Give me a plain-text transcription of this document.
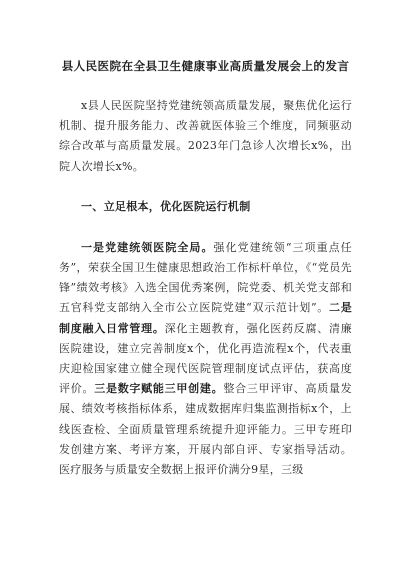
县人民医院在全县卫生健康事业高质量发展会上的发言

x县人民医院坚持党建统领高质量发展，聚焦优化运行机制、提升服务能力、改善就医体验三个维度，同频驱动综合改革与高质量发展。2023年门急诊人次增长x%，出院人次增长x%。

一、立足根本，优化医院运行机制

一是党建统领医院全局。强化党建统领“三项重点任务”，荣获全国卫生健康思想政治工作标杆单位，《“党员先锋”绩效考核》入选全国优秀案例，院党委、机关党支部和五官科党支部纳入全市公立医院党建“双示范计划”。二是制度融入日常管理。深化主题教育，强化医药反腐、清廉医院建设，建立完善制度x个，优化再造流程x个，代表重庆迎检国家建立健全现代医院管理制度试点评估，获高度评价。三是数字赋能三甲创建。整合三甲评审、高质量发展、绩效考核指标体系，建成数据库归集监测指标x个，上线医查检、全面质量管理系统提升迎评能力。三甲专班印发创建方案、考评方案，开展内部自评、专家指导活动。医疗服务与质量安全数据上报评价满分9星，三级
